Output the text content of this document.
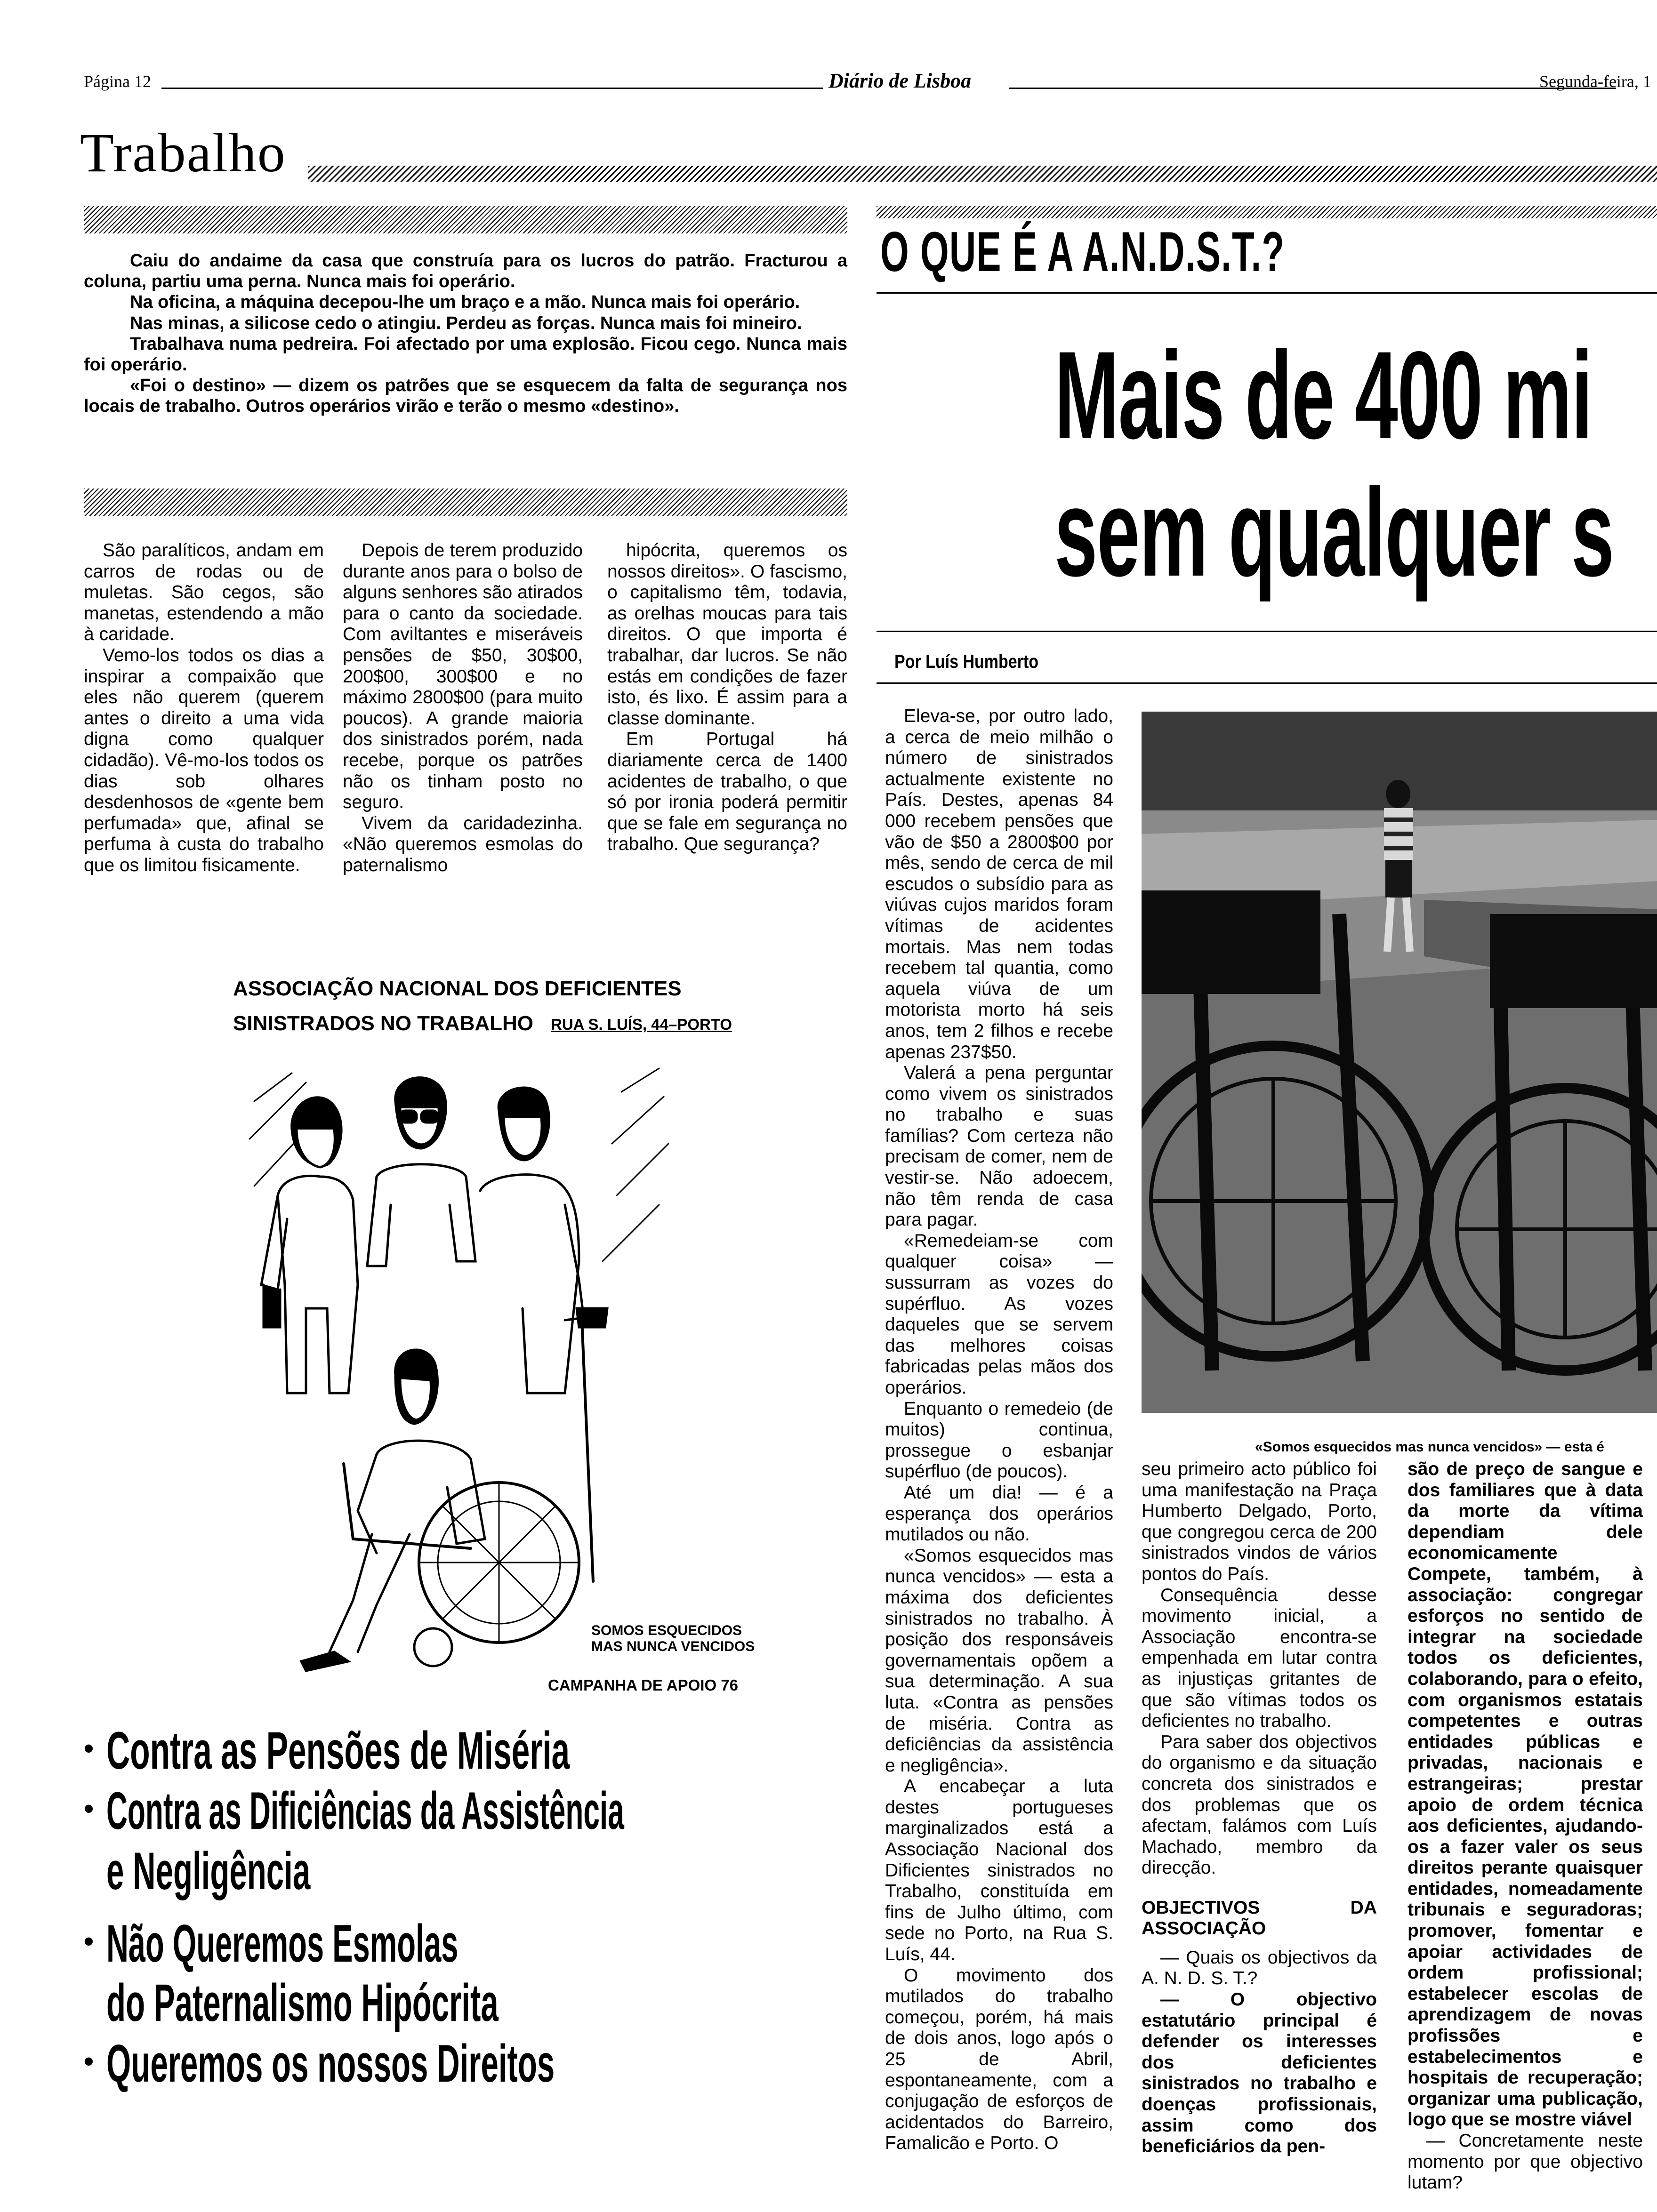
Página 12	Diário de Lisboa	Segunda-feira, 1
Trabalho

Caiu do andaime da casa que construía para os lucros do patrão. Fracturou a coluna, partiu uma perna. Nunca mais foi operário.

Na oficina, a máquina decepou-lhe um braço e a mão. Nunca mais foi operário.

Nas minas, a silicose cedo o atingiu. Perdeu as forças. Nunca mais foi mineiro.

Trabalhava numa pedreira. Foi afectado por uma explosão. Ficou cego. Nunca mais foi operário.

«Foi o destino» — dizem os patrões que se esquecem da falta de segurança nos locais de trabalho. Outros operários virão e terão o mesmo «destino».

São paralíticos, andam em carros de rodas ou de muletas. São cegos, são manetas, estendendo a mão à caridade.

Vemo-los todos os dias a inspirar a compaixão que eles não querem (querem antes o direito a uma vida digna como qualquer cidadão). Vê-mo-los todos os dias sob olhares desdenhosos de «gente bem perfumada» que, afinal se perfuma à custa do trabalho que os limitou fisicamente.

Depois de terem produzido durante anos para o bolso de alguns senhores são atirados para o canto da sociedade. Com aviltantes e miseráveis pensões de $50, 30$00, 200$00, 300$00 e no máximo 2800$00 (para muito poucos). A grande maioria dos sinistrados porém, nada recebe, porque os patrões não os tinham posto no seguro.

Vivem da caridadezinha. «Não queremos esmolas do paternalismo

hipócrita, queremos os nossos direitos». O fascismo, o capitalismo têm, todavia, as orelhas moucas para tais direitos. O que importa é trabalhar, dar lucros. Se não estás em condições de fazer isto, és lixo. É assim para a classe dominante.

Em Portugal há diariamente cerca de 1400 acidentes de trabalho, o que só por ironia poderá permitir que se fale em segurança no trabalho. Que segurança?

ASSOCIAÇÃO NACIONAL DOS DEFICIENTES
SINISTRADOS NO TRABALHO RUA S. LUÍS, 44–PORTO
SOMOS ESQUECIDOS
MAS NUNCA VENCIDOS
CAMPANHA DE APOIO 76
• Contra as Pensões de Miséria
• Contra as Dificiências da Assistência
e Negligência
• Não Queremos Esmolas
do Paternalismo Hipócrita
• Queremos os nossos Direitos
O QUE É A A.N.D.S.T.?
Mais de 400 mi
sem qualquer s
Por Luís Humberto
«Somos esquecidos mas nunca vencidos» — esta é

Eleva-se, por outro lado, a cerca de meio milhão o número de sinistrados actualmente existente no País. Destes, apenas 84 000 recebem pensões que vão de $50 a 2800$00 por mês, sendo de cerca de mil escudos o subsídio para as viúvas cujos maridos foram vítimas de acidentes mortais. Mas nem todas recebem tal quantia, como aquela viúva de um motorista morto há seis anos, tem 2 filhos e recebe apenas 237$50.

Valerá a pena perguntar como vivem os sinistrados no trabalho e suas famílias? Com certeza não precisam de comer, nem de vestir-se. Não adoecem, não têm renda de casa para pagar.

«Remedeiam-se com qualquer coisa» — sussurram as vozes do supérfluo. As vozes daqueles que se servem das melhores coisas fabricadas pelas mãos dos operários.

Enquanto o remedeio (de muitos) continua, prossegue o esbanjar supérfluo (de poucos).

Até um dia! — é a esperança dos operários mutilados ou não.

«Somos esquecidos mas nunca vencidos» — esta a máxima dos deficientes sinistrados no trabalho. À posição dos responsáveis governamentais opõem a sua determinação. A sua luta. «Contra as pensões de miséria. Contra as deficiências da assistência e negligência».

A encabeçar a luta destes portugueses marginalizados está a Associação Nacional dos Dificientes sinistrados no Trabalho, constituída em fins de Julho último, com sede no Porto, na Rua S. Luís, 44.

O movimento dos mutilados do trabalho começou, porém, há mais de dois anos, logo após o 25 de Abril, espontaneamente, com a conjugação de esforços de acidentados do Barreiro, Famalicão e Porto. O

seu primeiro acto público foi uma manifestação na Praça Humberto Delgado, Porto, que congregou cerca de 200 sinistrados vindos de vários pontos do País.

Consequência desse movimento inicial, a Associação encontra-se empenhada em lutar contra as injustiças gritantes de que são vítimas todos os deficientes no trabalho.

Para saber dos objectivos do organismo e da situação concreta dos sinistrados e dos problemas que os afectam, falámos com Luís Machado, membro da direcção.

OBJECTIVOS DA ASSOCIAÇÃO

— Quais os objectivos da A. N. D. S. T.?

— O objectivo estatutário principal é defender os interesses dos deficientes sinistrados no trabalho e doenças profissionais, assim como dos beneficiários da pen-

são de preço de sangue e dos familiares que à data da morte da vítima dependiam dele economicamente Compete, também, à associação: congregar esforços no sentido de integrar na sociedade todos os deficientes, colaborando, para o efeito, com organismos estatais competentes e outras entidades públicas e privadas, nacionais e estrangeiras; prestar apoio de ordem técnica aos deficientes, ajudando-os a fazer valer os seus direitos perante quaisquer entidades, nomeadamente tribunais e seguradoras; promover, fomentar e apoiar actividades de ordem profissional; estabelecer escolas de aprendizagem de novas profissões e estabelecimentos e hospitais de recuperação; organizar uma publicação, logo que se mostre viável

— Concretamente neste momento por que objectivo lutam?
